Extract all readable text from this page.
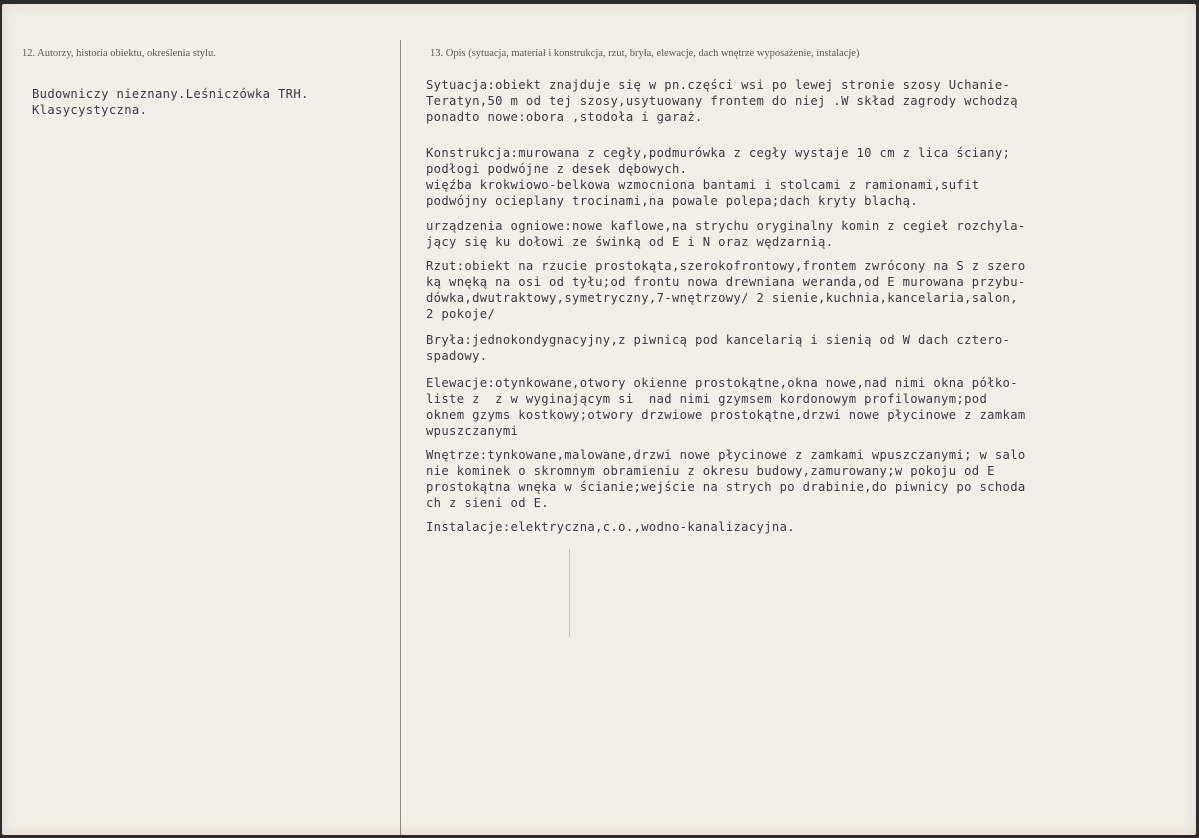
12. Autorzy, historia obiektu, określenia stylu.	13. Opis (sytuacja, materiał i konstrukcja, rzut, bryła, elewacje, dach wnętrze wyposażenie, instalacje)
Budowniczy nieznany.Leśniczówka TRH.
Klasycystyczna.
Sytuacja:obiekt znajduje się w pn.części wsi po lewej stronie szosy Uchanie-
Teratyn,50 m od tej szosy,usytuowany frontem do niej .W skład zagrody wchodzą
ponadto nowe:obora ,stodoła i garaż.
Konstrukcja:murowana z cegły,podmurówka z cegły wystaje 10 cm z lica ściany;
podłogi podwójne z desek dębowych.
więźba krokwiowo-belkowa wzmocniona bantami i stolcami z ramionami,sufit
podwójny ocieplany trocinami,na powale polepa;dach kryty blachą.
urządzenia ogniowe:nowe kaflowe,na strychu oryginalny komin z cegieł rozchyla-
jący się ku dołowi ze świnką od E i N oraz wędzarnią.
Rzut:obiekt na rzucie prostokąta,szerokofrontowy,frontem zwrócony na S z szero
ką wnęką na osi od tyłu;od frontu nowa drewniana weranda,od E murowana przybu-
dówka,dwutraktowy,symetryczny,7-wnętrzowy/ 2 sienie,kuchnia,kancelaria,salon,
2 pokoje/
Bryła:jednokondygnacyjny,z piwnicą pod kancelarią i sienią od W dach cztero-
spadowy.
Elewacje:otynkowane,otwory okienne prostokątne,okna nowe,nad nimi okna półko-
liste z  z w wyginającym si  nad nimi gzymsem kordonowym profilowanym;pod
oknem gzyms kostkowy;otwory drzwiowe prostokątne,drzwi nowe płycinowe z zamkam
wpuszczanymi
Wnętrze:tynkowane,malowane,drzwi nowe płycinowe z zamkami wpuszczanymi; w salo
nie kominek o skromnym obramieniu z okresu budowy,zamurowany;w pokoju od E
prostokątna wnęka w ścianie;wejście na strych po drabinie,do piwnicy po schoda
ch z sieni od E.
Instalacje:elektryczna,c.o.,wodno-kanalizacyjna.
